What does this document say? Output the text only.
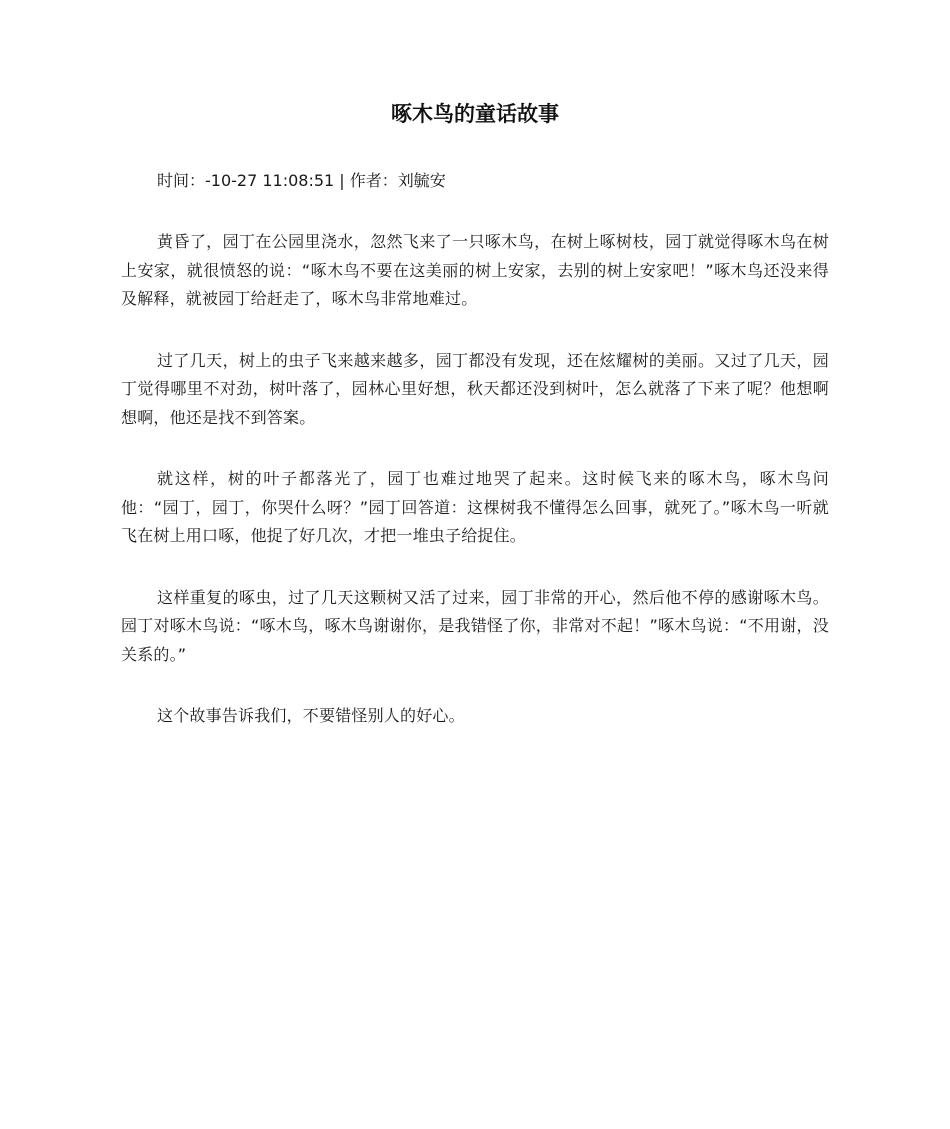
啄木鸟的童话故事

时间：-10-27 11:08:51 | 作者：刘毓安

黄昏了，园丁在公园里浇水，忽然飞来了一只啄木鸟，在树上啄树枝，园丁就觉得啄木鸟在树上安家，就很愤怒的说：“啄木鸟不要在这美丽的树上安家，去别的树上安家吧！”啄木鸟还没来得及解释，就被园丁给赶走了，啄木鸟非常地难过。

过了几天，树上的虫子飞来越来越多，园丁都没有发现，还在炫耀树的美丽。又过了几天，园丁觉得哪里不对劲，树叶落了，园林心里好想，秋天都还没到树叶，怎么就落了下来了呢？他想啊想啊，他还是找不到答案。

就这样，树的叶子都落光了，园丁也难过地哭了起来。这时候飞来的啄木鸟，啄木鸟问他：“园丁，园丁，你哭什么呀？”园丁回答道：这棵树我不懂得怎么回事，就死了。”啄木鸟一听就飞在树上用口啄，他捉了好几次，才把一堆虫子给捉住。

这样重复的啄虫，过了几天这颗树又活了过来，园丁非常的开心，然后他不停的感谢啄木鸟。园丁对啄木鸟说：“啄木鸟，啄木鸟谢谢你，是我错怪了你，非常对不起！”啄木鸟说：“不用谢，没关系的。”

这个故事告诉我们，不要错怪别人的好心。
